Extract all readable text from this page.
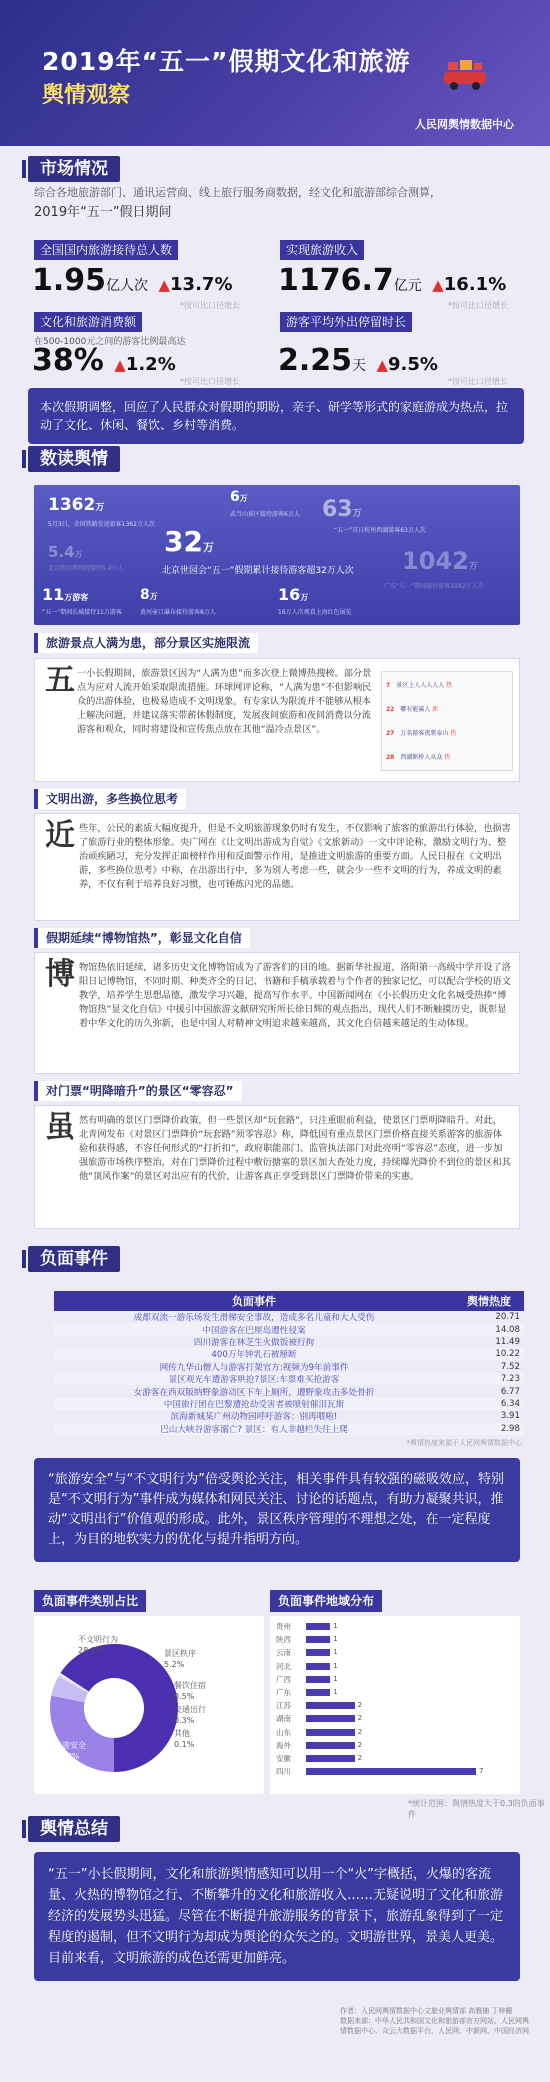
2019年“五一”假期文化和旅游
舆情观察
人民网舆情数据中心
市场情况
综合各地旅游部门、通讯运营商、线上旅行服务商数据，经文化和旅游部综合测算，
2019年“五一”假日期间
全国国内旅游接待总人数
1.95亿人次 ▲13.7%
*按可比口径增长
实现旅游收入
1176.7亿元 ▲16.1%
*按可比口径增长
文化和旅游消费额
在500-1000元之间的游客比例最高达
38% ▲1.2%
*按可比口径增长
游客平均外出停留时长
2.25天 ▲9.5%
*按可比口径增长
本次假期调整，回应了人民群众对假期的期盼，亲子、研学等形式的家庭游成为热点，拉动了文化、休闲、餐饮、乡村等消费。
数读舆情
1362万
5月3日，全国铁路发送旅客1362万人次
6万
武当山景区接待游客6万人 63万
“五一”首日杭州西湖游客63万人次
5.4万
北京故宫博物院接待5.4万人
32万
北京世园会“五一”假期累计接待游客超32万人次 1042万
广东“五一”期间接待游客1042万人次
11万游客
“五一”期间长城接待11万游客
8万
黄河壶口瀑布接待游客8万人
16万
16万人次观看上海红色展览
旅游景点人满为患，部分景区实施限流
五 一小长假期间，旅游景区因为“人满为患”而多次登上微博热搜榜。部分景点为应对人流开始采取限流措施。环球网评论称，“人满为患”不但影响民众的出游体验，也极易造成不文明现象。有专家认为限流并不能够从根本上解决问题，并建议落实带薪休假制度，发展夜间旅游和夜间消费以分流游客和观众，同时将建设和宣传焦点放在其他“温冷点景区”。
7 景区上人人人人人 热
22 哪有能赢人 新
27 万名游客夜爬泰山 热
28 西湖断桥人从众 热
文明出游，多些换位思考
近 些年，公民的素质大幅度提升，但是不文明旅游现象仍时有发生，不仅影响了旅客的旅游出行体验，也损害了旅游行业的整体形象。央广网在《让文明出游成为自觉》《文旅新动》一文中评论称，激励文明行为、整治顽疾陋习，充分发挥正面榜样作用和反面警示作用，是推进文明旅游的重要方面。人民日报在《文明出游，多些换位思考》中称，在出游出行中，多为别人考虑一些，就会少一些不文明的行为，养成文明的素养，不仅有利于培养良好习惯，也可锤炼闪光的品德。
假期延续“博物馆热”，彰显文化自信
博 物馆热依旧延续，诸多历史文化博物馆成为了游客们的目的地。据新华社报道，洛阳第一高级中学开设了洛阳日记博物馆，不同时期、种类齐全的日记、书籍和手稿承载着与个作者的独家记忆，可以配合学校的语文教学，培养学生思想品德，激发学习兴趣，提高写作水平。中国新闻网在《小长假历史文化名城受热捧“博物馆热”显文化自信》中援引中国旅游文献研究所所长徐日辉的观点指出，现代人们不断触摸历史，既彰显着中华文化的历久弥新，也是中国人对精神文明追求越来越高，其文化自信越来越足的生动体现。
对门票“明降暗升”的景区“零容忍”
虽 然有明确的景区门票降价政策，但一些景区却“玩套路”，只注重眼前利益，使景区门票明降暗升。对此，北青网发布《对景区门票降价“玩套路”须零容忍》称，降低国有重点景区门票价格直接关系游客的旅游体验和获得感，不容任何形式的“打折扣”，政府职能部门、监管执法部门对此亮明“零容忍”态度，进一步加强旅游市场秩序整治，对在门票降价过程中敷衍搪塞的景区加大查处力度，持续曝光降价不到位的景区和其他“顶风作案”的景区对出应有的代价，让游客真正享受到景区门票降价带来的实惠。
负面事件
负面事件	舆情热度
成都双流一游乐场发生滑梯安全事故，造成多名儿童和大人受伤	20.71
中国游客在巴厘岛遭性侵案	14.08
四川游客在林芝生火做饭被行拘	11.49
400万年钟乳石被掰断	10.22
网传九华山僧人与游客打架官方:视频为9年前事件	7.52
景区观光车遭游客哄抢?景区:车票难买抢游客	7.23
女游客在西双版纳野象游动区下车上厕所，遭野象攻击多处骨折	6.77
中国旅行团在巴黎遭抢劫受害者被喷射催泪瓦斯	6.34
滨海新城某广州动物园呼吁游客：别再喂啦!	3.91
巴山大峡谷游客溺亡? 景区：有人非越栏失往上爬	2.98
*舆情热度来源于人民网舆情数据中心
“旅游安全”与“不文明行为”倍受舆论关注，相关事件具有较强的磁吸效应，特别是“不文明行为”事件成为媒体和网民关注、讨论的话题点，有助力凝聚共识，推动“文明出行”价值观的形成。此外，景区秩序管理的不理想之处，在一定程度上，为目的地软实力的优化与提升指明方向。
负面事件类别占比
旅游安全
65.8%
不文明行为
28.1%	景区秩序
5.2%
餐饮住宿
0.5%
交通出行
0.3%
其他
0.1%
负面事件地域分布
贵州	1
陕西	1
云南	1
河北	1
广西	1
广东	1
江苏	2
湖南	2
山东	2
海外	2
安徽	2
四川	7
*统计范围：舆情热度大于0.3的负面事件
舆情总结
“五一”小长假期间，文化和旅游舆情感知可以用一个“火”字概括，火爆的客流量、火热的博物馆之行、不断攀升的文化和旅游收入……无疑说明了文化和旅游经济的发展势头迅猛。尽管在不断提升旅游服务的背景下，旅游乱象得到了一定程度的遏制，但不文明行为却成为舆论的众矢之的。文明游世界，景美人更美。目前来看，文明旅游的成色还需更加鲜亮。
作者：人民网舆情数据中心文旅业舆情部 高雅捕 丁梓睡
数据来源：中华人民共和国文化和旅游部官方网站、人民网舆情数据中心、众云大数据平台、人民网、中新网、中国经济网
